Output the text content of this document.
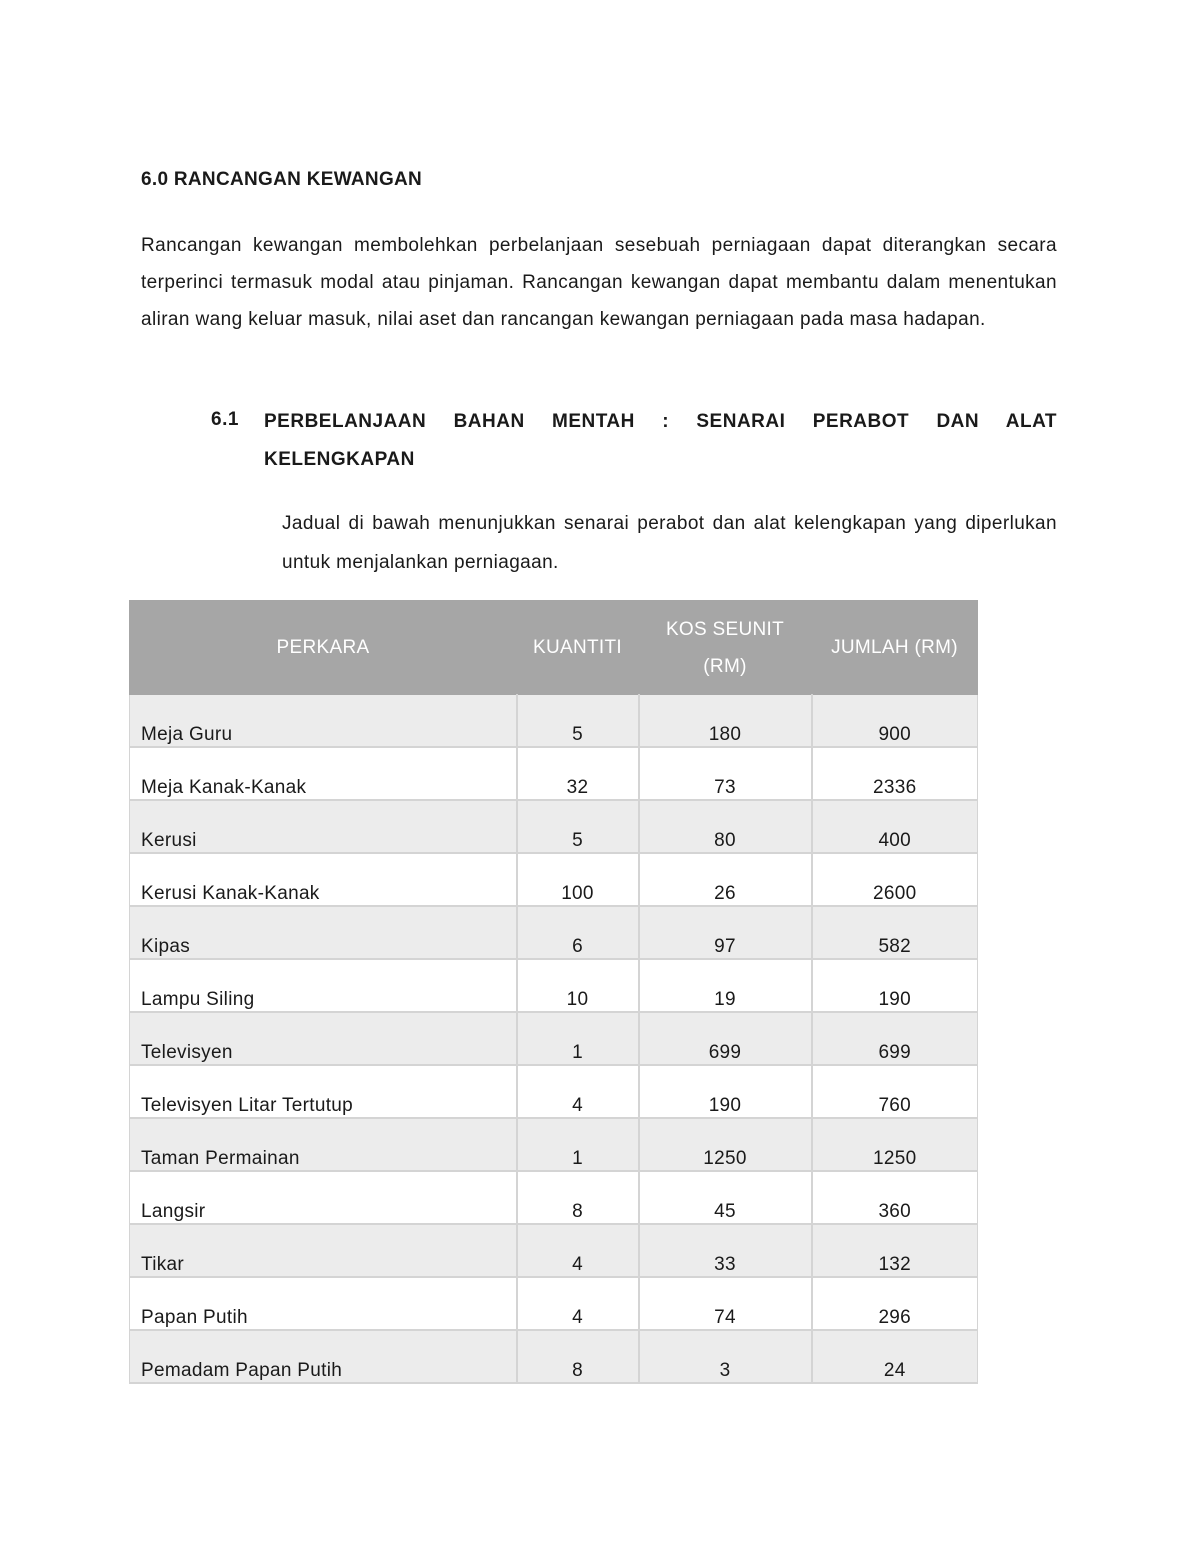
6.0 RANCANGAN KEWANGAN

Rancangan kewangan membolehkan perbelanjaan sesebuah perniagaan dapat diterangkan secara terperinci termasuk modal atau pinjaman. Rancangan kewangan dapat membantu dalam menentukan aliran wang keluar masuk, nilai aset dan rancangan kewangan perniagaan pada masa hadapan.

6.1 PERBELANJAAN BAHAN MENTAH : SENARAI PERABOT DAN ALAT
KELENGKAPAN

Jadual di bawah menunjukkan senarai perabot dan alat kelengkapan yang diperlukan untuk menjalankan perniagaan.

PERKARA	KUANTITI	KOS SEUNIT (RM)	JUMLAH (RM)
Meja Guru	5	180	900
Meja Kanak-Kanak	32	73	2336
Kerusi	5	80	400
Kerusi Kanak-Kanak	100	26	2600
Kipas	6	97	582
Lampu Siling	10	19	190
Televisyen	1	699	699
Televisyen Litar Tertutup	4	190	760
Taman Permainan	1	1250	1250
Langsir	8	45	360
Tikar	4	33	132
Papan Putih	4	74	296
Pemadam Papan Putih	8	3	24
